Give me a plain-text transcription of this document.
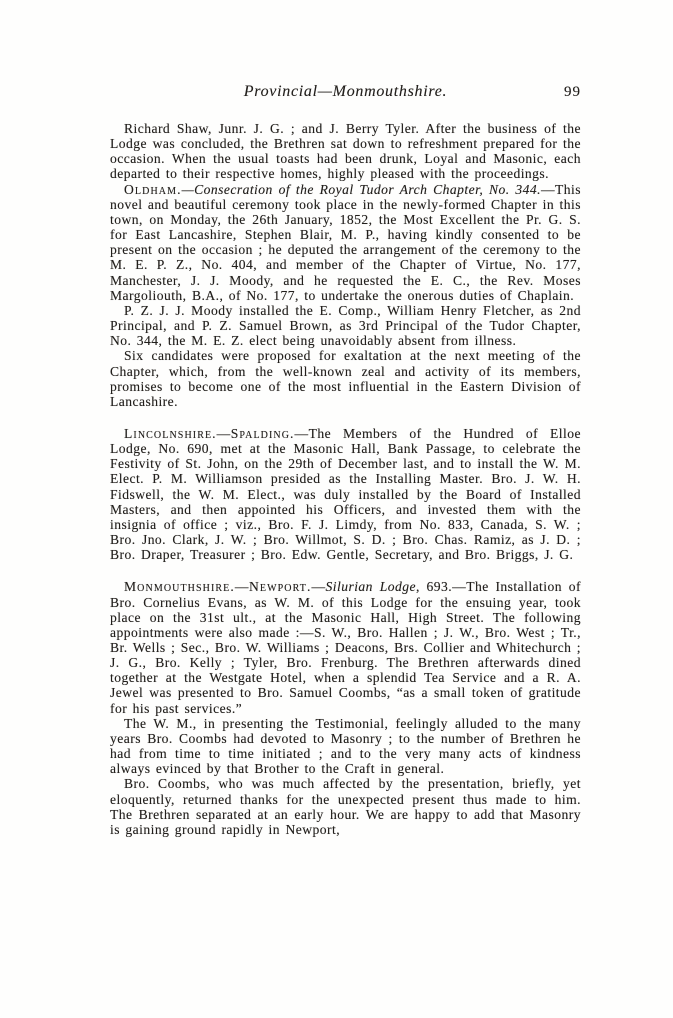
Provincial—Monmouthshire.	99

Richard Shaw, Junr. J. G. ; and J. Berry Tyler. After the business of the Lodge was concluded, the Brethren sat down to refreshment prepared for the occasion. When the usual toasts had been drunk, Loyal and Masonic, each departed to their respective homes, highly pleased with the proceedings.

Oldham.—Consecration of the Royal Tudor Arch Chapter, No. 344.—This novel and beautiful ceremony took place in the newly-formed Chapter in this town, on Monday, the 26th January, 1852, the Most Excellent the Pr. G. S. for East Lancashire, Stephen Blair, M. P., having kindly consented to be present on the occasion ; he deputed the arrangement of the ceremony to the M. E. P. Z., No. 404, and member of the Chapter of Virtue, No. 177, Manchester, J. J. Moody, and he requested the E. C., the Rev. Moses Margoliouth, B.A., of No. 177, to undertake the onerous duties of Chaplain.

P. Z. J. J. Moody installed the E. Comp., William Henry Fletcher, as 2nd Principal, and P. Z. Samuel Brown, as 3rd Principal of the Tudor Chapter, No. 344, the M. E. Z. elect being unavoidably absent from illness.

Six candidates were proposed for exaltation at the next meeting of the Chapter, which, from the well-known zeal and activity of its members, promises to become one of the most influential in the Eastern Division of Lancashire.

Lincolnshire.—Spalding.—The Members of the Hundred of Elloe Lodge, No. 690, met at the Masonic Hall, Bank Passage, to celebrate the Festivity of St. John, on the 29th of December last, and to install the W. M. Elect. P. M. Williamson presided as the Installing Master. Bro. J. W. H. Fidswell, the W. M. Elect., was duly installed by the Board of Installed Masters, and then appointed his Officers, and invested them with the insignia of office ; viz., Bro. F. J. Limdy, from No. 833, Canada, S. W. ; Bro. Jno. Clark, J. W. ; Bro. Willmot, S. D. ; Bro. Chas. Ramiz, as J. D. ; Bro. Draper, Treasurer ; Bro. Edw. Gentle, Secretary, and Bro. Briggs, J. G.

Monmouthshire.—Newport.—Silurian Lodge, 693.—The Installation of Bro. Cornelius Evans, as W. M. of this Lodge for the ensuing year, took place on the 31st ult., at the Masonic Hall, High Street. The following appointments were also made :—S. W., Bro. Hallen ; J. W., Bro. West ; Tr., Br. Wells ; Sec., Bro. W. Williams ; Deacons, Brs. Collier and Whitechurch ; J. G., Bro. Kelly ; Tyler, Bro. Frenburg. The Brethren afterwards dined together at the Westgate Hotel, when a splendid Tea Service and a R. A. Jewel was presented to Bro. Samuel Coombs, “as a small token of gratitude for his past services.”

The W. M., in presenting the Testimonial, feelingly alluded to the many years Bro. Coombs had devoted to Masonry ; to the number of Brethren he had from time to time initiated ; and to the very many acts of kindness always evinced by that Brother to the Craft in general.

Bro. Coombs, who was much affected by the presentation, briefly, yet eloquently, returned thanks for the unexpected present thus made to him. The Brethren separated at an early hour. We are happy to add that Masonry is gaining ground rapidly in Newport,
